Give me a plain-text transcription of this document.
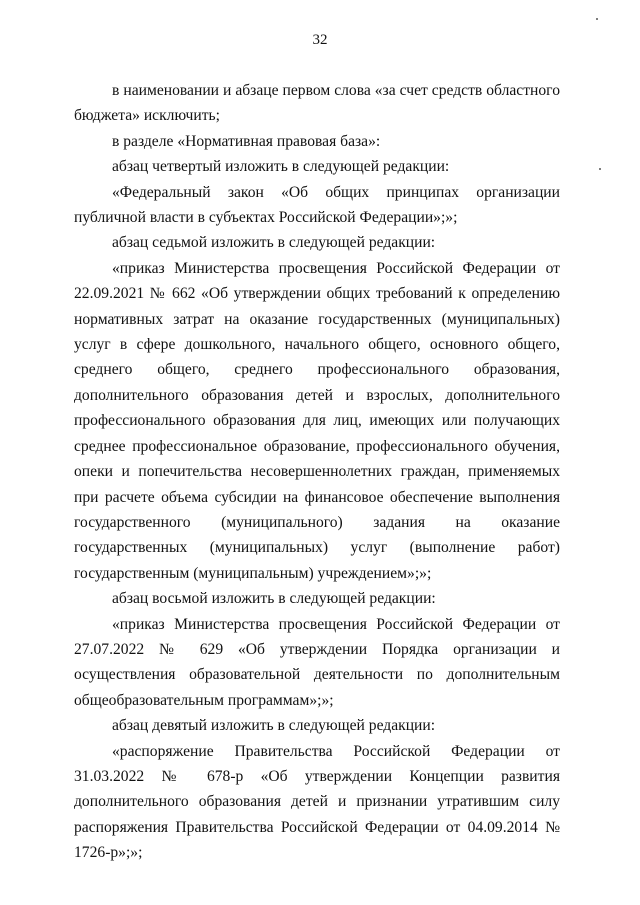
32

в наименовании и абзаце первом слова «за счет средств областного бюджета» исключить;

в разделе «Нормативная правовая база»:

абзац четвертый изложить в следующей редакции:

«Федеральный закон «Об общих принципах организации публичной власти в субъектах Российской Федерации»;»;

абзац седьмой изложить в следующей редакции:

«приказ Министерства просвещения Российской Федерации от 22.09.2021 № 662 «Об утверждении общих требований к определению нормативных затрат на оказание государственных (муниципальных) услуг в сфере дошкольного, начального общего, основного общего, среднего общего, среднего профессионального образования, дополнительного образования детей и взрослых, дополнительного профессионального образования для лиц, имеющих или получающих среднее профессиональное образование, профессионального обучения, опеки и попечительства несовершеннолетних граждан, применяемых при расчете объема субсидии на финансовое обеспечение выполнения государственного (муниципального) задания на оказание государственных (муниципальных) услуг (выполнение работ) государственным (муниципальным) учреждением»;»;

абзац восьмой изложить в следующей редакции:

«приказ Министерства просвещения Российской Федерации от 27.07.2022 № 629 «Об утверждении Порядка организации и осуществления образовательной деятельности по дополнительным общеобразовательным программам»;»;

абзац девятый изложить в следующей редакции:

«распоряжение Правительства Российской Федерации от 31.03.2022 № 678-р «Об утверждении Концепции развития дополнительного образования детей и признании утратившим силу распоряжения Правительства Российской Федерации от 04.09.2014 № 1726-р»;»;
